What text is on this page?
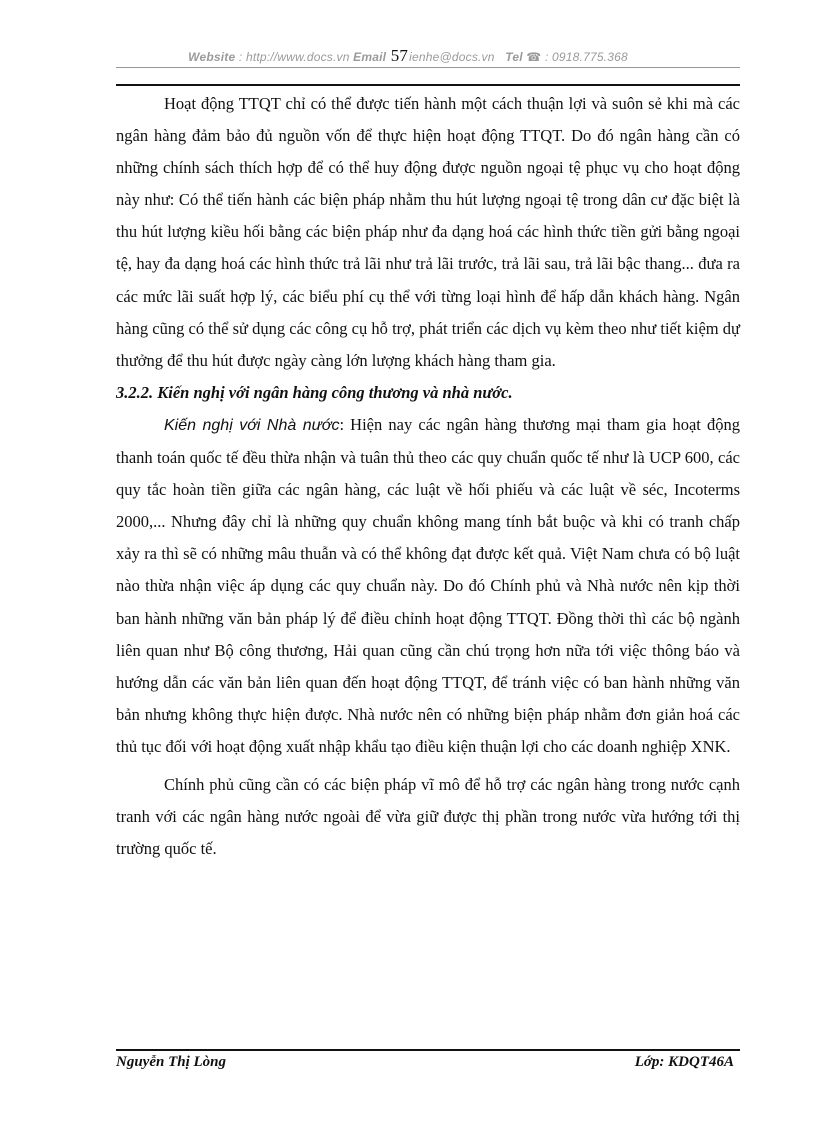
Website : http://www.docs.vn Email 57ienhe@docs.vn Tel ☎ : 0918.775.368

Hoạt động TTQT chỉ có thể được tiến hành một cách thuận lợi và suôn sẻ khi mà các ngân hàng đảm bảo đủ nguồn vốn để thực hiện hoạt động TTQT. Do đó ngân hàng cần có những chính sách thích hợp để có thể huy động được nguồn ngoại tệ phục vụ cho hoạt động này như: Có thể tiến hành các biện pháp nhằm thu hút lượng ngoại tệ trong dân cư đặc biệt là thu hút lượng kiều hối bằng các biện pháp như đa dạng hoá các hình thức tiền gửi bằng ngoại tệ, hay đa dạng hoá các hình thức trả lãi như trả lãi trước, trả lãi sau, trả lãi bậc thang... đưa ra các mức lãi suất hợp lý, các biểu phí cụ thể với từng loại hình để hấp dẫn khách hàng. Ngân hàng cũng có thể sử dụng các công cụ hỗ trợ, phát triển các dịch vụ kèm theo như tiết kiệm dự thưởng để thu hút được ngày càng lớn lượng khách hàng tham gia.

3.2.2. Kiến nghị với ngân hàng công thương và nhà nước.

Kiến nghị với Nhà nước: Hiện nay các ngân hàng thương mại tham gia hoạt động thanh toán quốc tế đều thừa nhận và tuân thủ theo các quy chuẩn quốc tế như là UCP 600, các quy tắc hoàn tiền giữa các ngân hàng, các luật về hối phiếu và các luật về séc, Incoterms 2000,... Nhưng đây chỉ là những quy chuẩn không mang tính bắt buộc và khi có tranh chấp xảy ra thì sẽ có những mâu thuẫn và có thể không đạt được kết quả. Việt Nam chưa có bộ luật nào thừa nhận việc áp dụng các quy chuẩn này. Do đó Chính phủ và Nhà nước nên kịp thời ban hành những văn bản pháp lý để điều chỉnh hoạt động TTQT. Đồng thời thì các bộ ngành liên quan như Bộ công thương, Hải quan cũng cần chú trọng hơn nữa tới việc thông báo và hướng dẫn các văn bản liên quan đến hoạt động TTQT, để tránh việc có ban hành những văn bản nhưng không thực hiện được. Nhà nước nên có những biện pháp nhằm đơn giản hoá các thủ tục đối với hoạt động xuất nhập khẩu tạo điều kiện thuận lợi cho các doanh nghiệp XNK.

Chính phủ cũng cần có các biện pháp vĩ mô để hỗ trợ các ngân hàng trong nước cạnh tranh với các ngân hàng nước ngoài để vừa giữ được thị phần trong nước vừa hướng tới thị trường quốc tế.

Nguyễn Thị Lòng	Lớp: KDQT46A
